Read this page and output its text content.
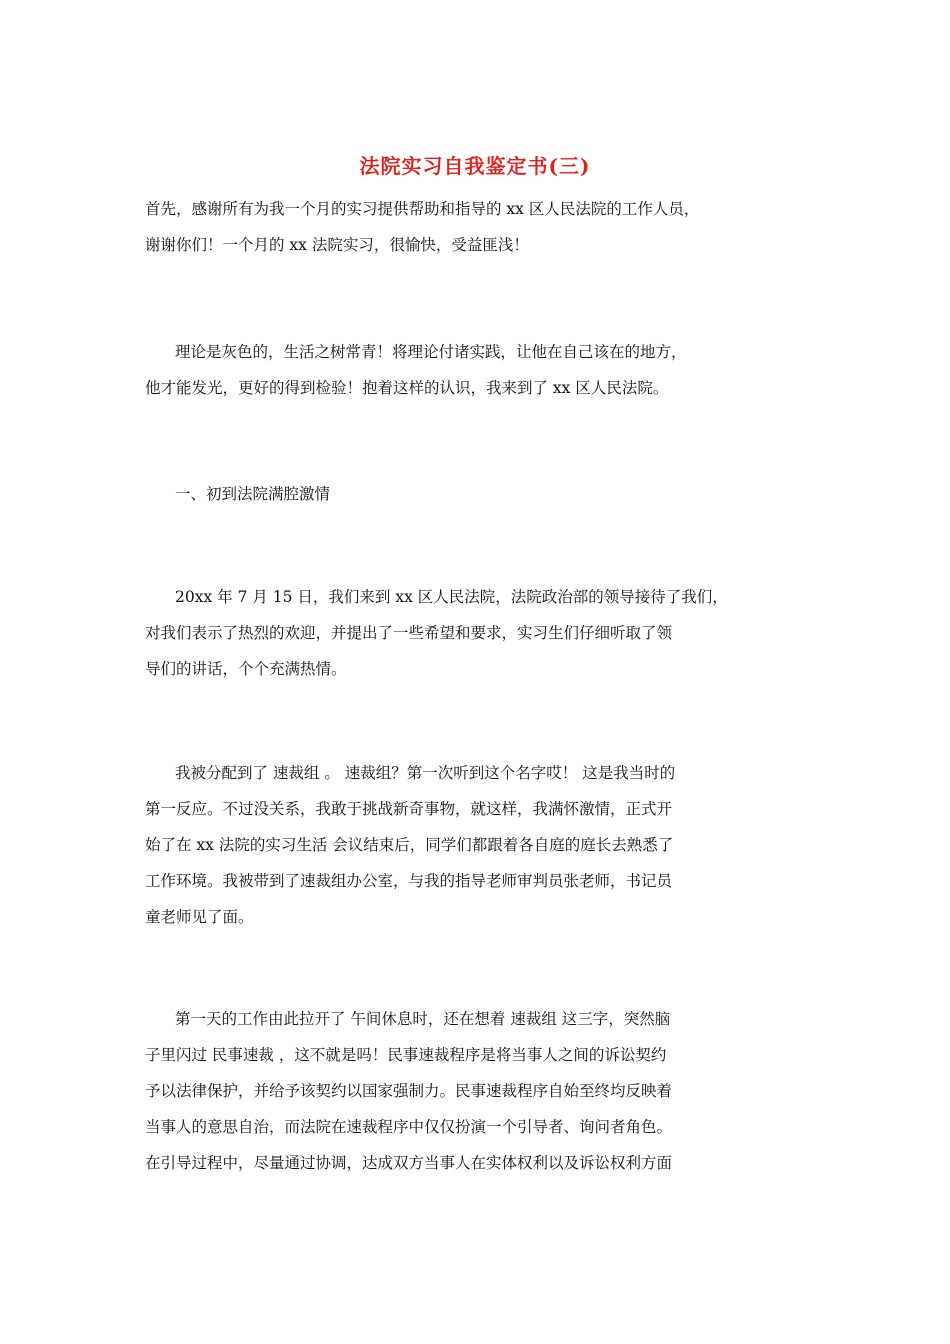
法院实习自我鉴定书(三)

首先，感谢所有为我一个月的实习提供帮助和指导的 xx 区人民法院的工作人员，
谢谢你们！一个月的 xx 法院实习，很愉快，受益匪浅！

理论是灰色的，生活之树常青！将理论付诸实践，让他在自己该在的地方，
他才能发光，更好的得到检验！抱着这样的认识，我来到了 xx 区人民法院。

一、初到法院满腔激情

20xx 年 7 月 15 日，我们来到 xx 区人民法院，法院政治部的领导接待了我们，
对我们表示了热烈的欢迎，并提出了一些希望和要求，实习生们仔细听取了领
导们的讲话，个个充满热情。

我被分配到了 速裁组 。 速裁组？第一次听到这个名字哎！ 这是我当时的
第一反应。不过没关系，我敢于挑战新奇事物，就这样，我满怀激情，正式开
始了在 xx 法院的实习生活 会议结束后，同学们都跟着各自庭的庭长去熟悉了
工作环境。我被带到了速裁组办公室，与我的指导老师审判员张老师，书记员
童老师见了面。

第一天的工作由此拉开了 午间休息时，还在想着 速裁组 这三字，突然脑
子里闪过 民事速裁 ，这不就是吗！民事速裁程序是将当事人之间的诉讼契约
予以法律保护，并给予该契约以国家强制力。民事速裁程序自始至终均反映着
当事人的意思自治，而法院在速裁程序中仅仅扮演一个引导者、询问者角色。
在引导过程中，尽量通过协调，达成双方当事人在实体权利以及诉讼权利方面
